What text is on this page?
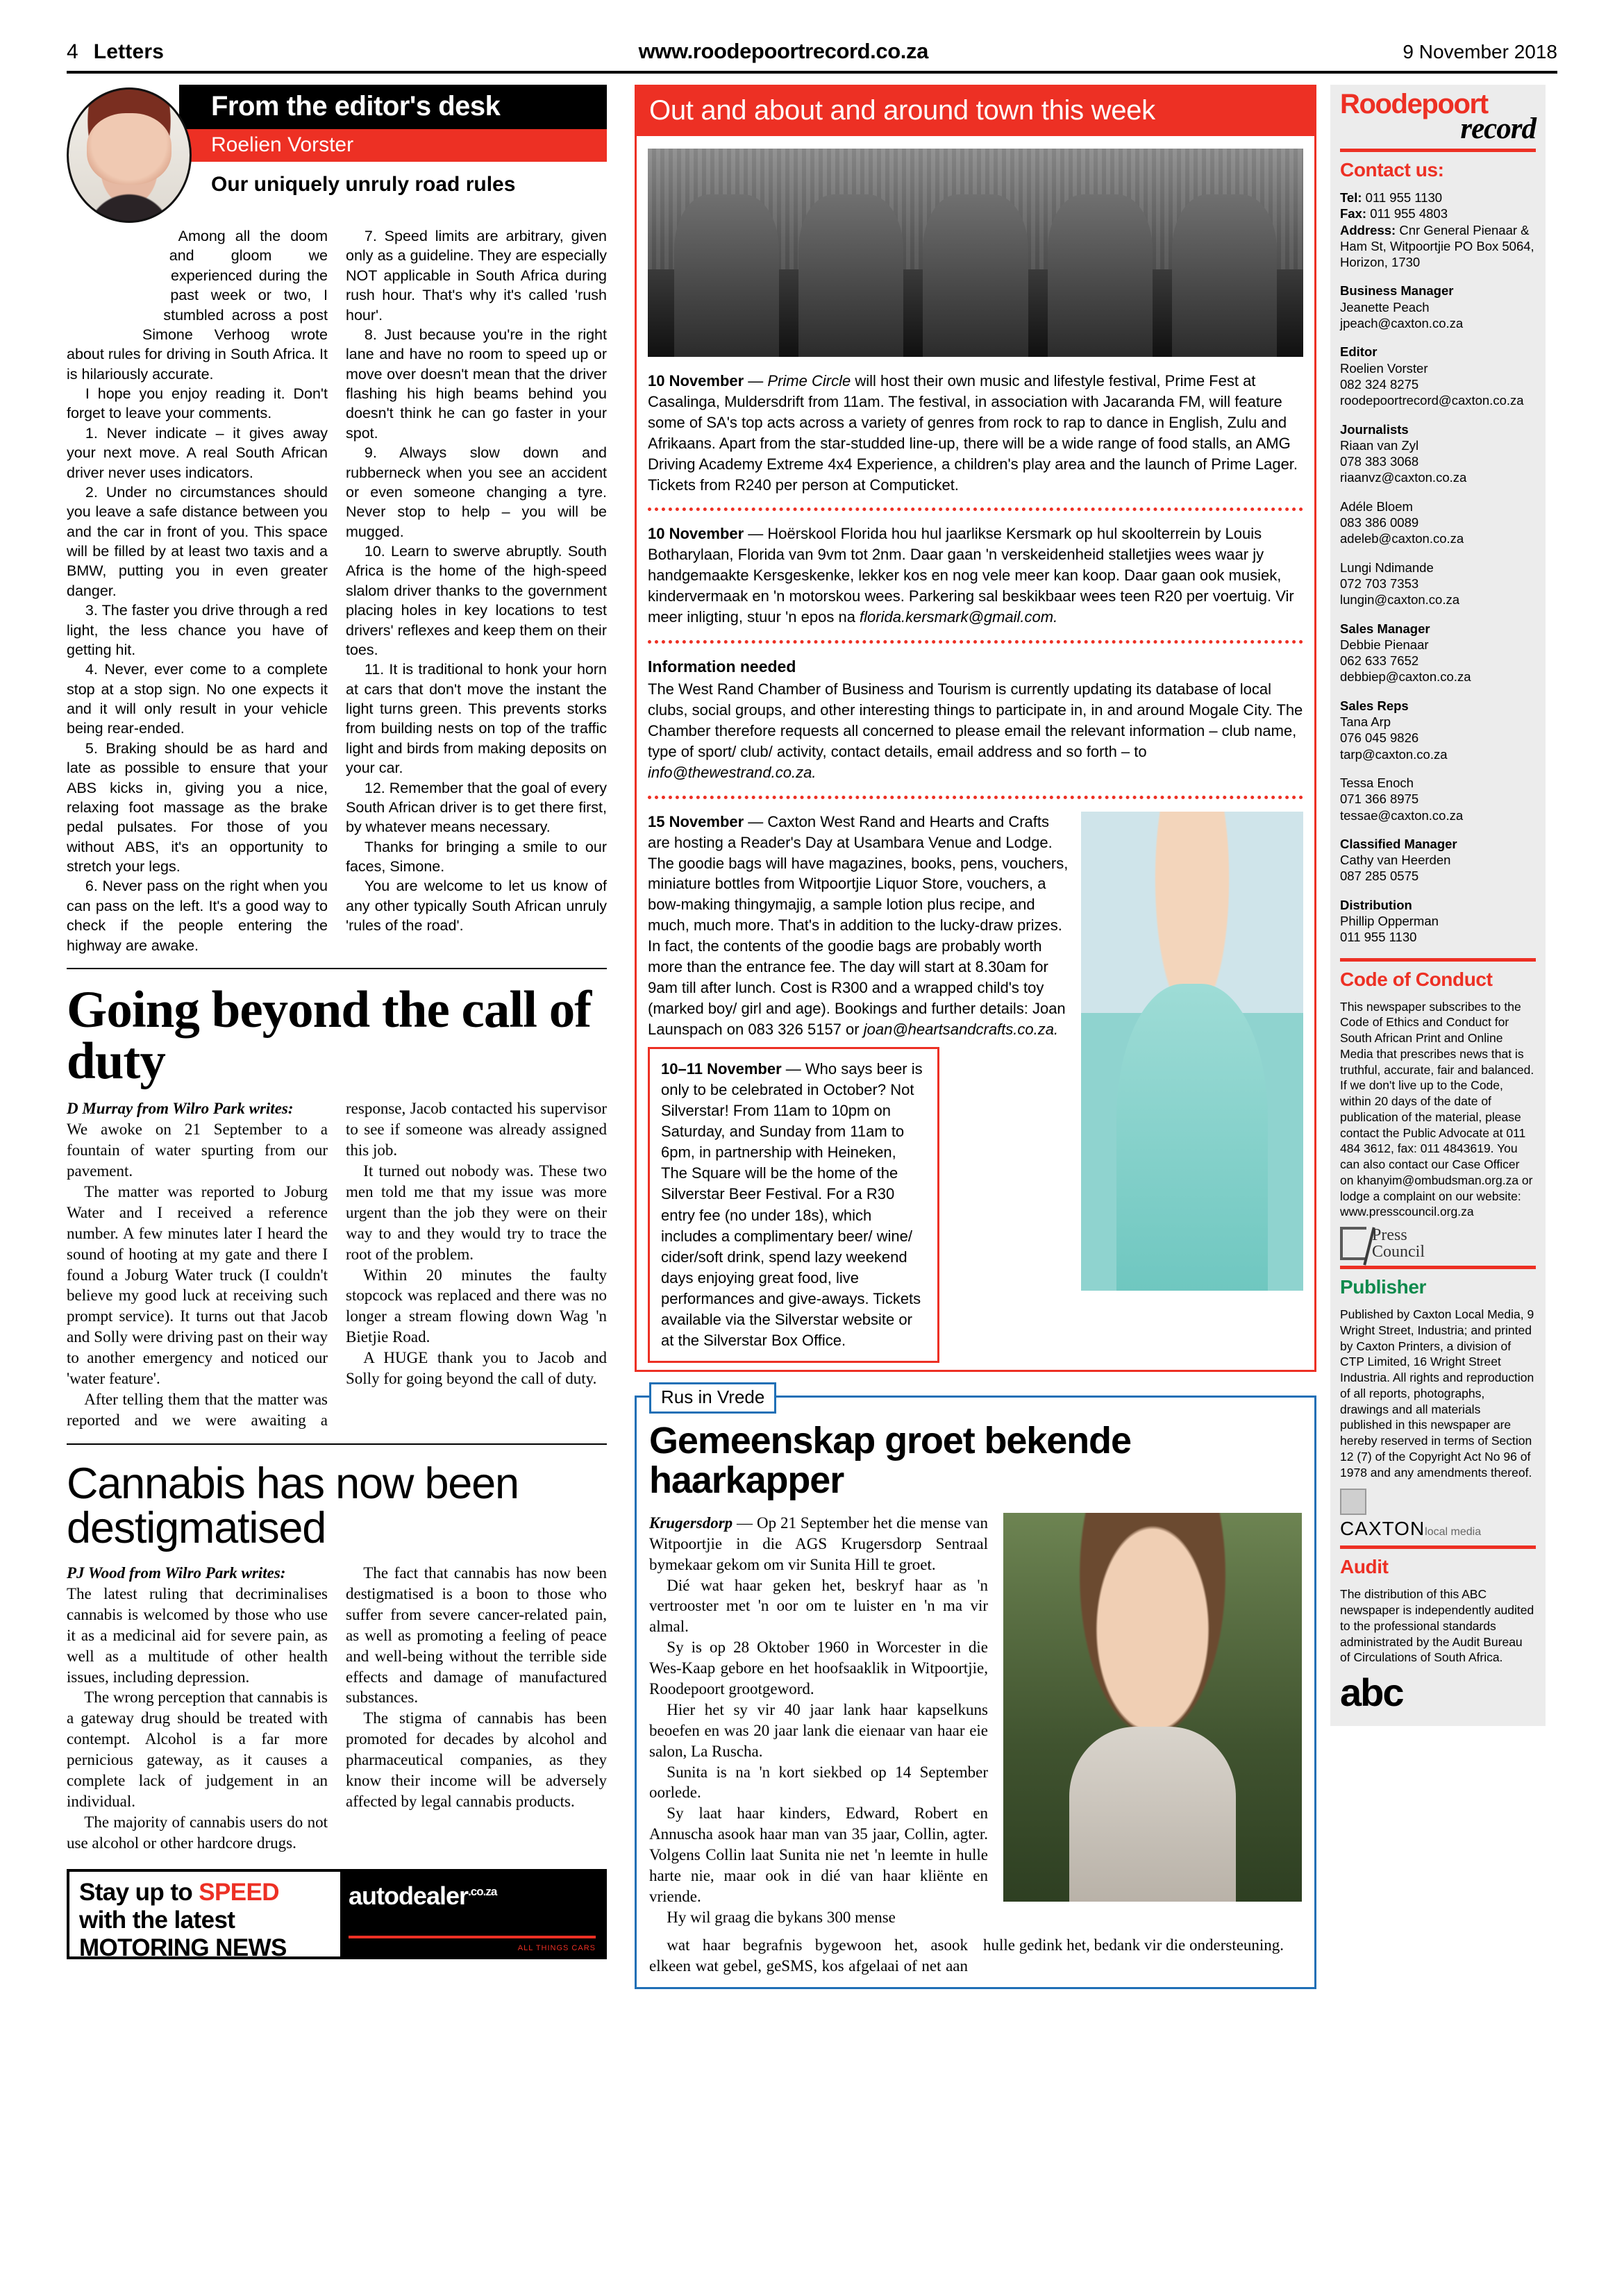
4 Letters	www.roodepoortrecord.co.za	9 November 2018
From the editor's desk
Roelien Vorster
Our uniquely unruly road rules

Among all the doom and gloom we experienced during the past week or two, I stumbled across a post Simone Verhoog wrote about rules for driving in South Africa. It is hilariously accurate.

I hope you enjoy reading it. Don't forget to leave your comments.

1. Never indicate – it gives away your next move. A real South African driver never uses indicators.

2. Under no circumstances should you leave a safe distance between you and the car in front of you. This space will be filled by at least two taxis and a BMW, putting you in even greater danger.

3. The faster you drive through a red light, the less chance you have of getting hit.

4. Never, ever come to a complete stop at a stop sign. No one expects it and it will only result in your vehicle being rear-ended.

5. Braking should be as hard and late as possible to ensure that your ABS kicks in, giving you a nice, relaxing foot massage as the brake pedal pulsates. For those of you without ABS, it's an opportunity to stretch your legs.

6. Never pass on the right when you can pass on the left. It's a good way to check if the people entering the highway are awake.

7. Speed limits are arbitrary, given only as a guideline. They are especially NOT applicable in South Africa during rush hour. That's why it's called 'rush hour'.

8. Just because you're in the right lane and have no room to speed up or move over doesn't mean that the driver flashing his high beams behind you doesn't think he can go faster in your spot.

9. Always slow down and rubberneck when you see an accident or even someone changing a tyre. Never stop to help – you will be mugged.

10. Learn to swerve abruptly. South Africa is the home of the high-speed slalom driver thanks to the government placing holes in key locations to test drivers' reflexes and keep them on their toes.

11. It is traditional to honk your horn at cars that don't move the instant the light turns green. This prevents storks from building nests on top of the traffic light and birds from making deposits on your car.

12. Remember that the goal of every South African driver is to get there first, by whatever means necessary.

Thanks for bringing a smile to our faces, Simone.

You are welcome to let us know of any other typically South African unruly 'rules of the road'.

Going beyond the call of duty

D Murray from Wilro Park writes:

We awoke on 21 September to a fountain of water spurting from our pavement.

The matter was reported to Joburg Water and I received a reference number. A few minutes later I heard the sound of hooting at my gate and there I found a Joburg Water truck (I couldn't believe my good luck at receiving such prompt service). It turns out that Jacob and Solly were driving past on their way to another emergency and noticed our 'water feature'.

After telling them that the matter was reported and we were awaiting a response, Jacob contacted his supervisor to see if someone was already assigned this job.

It turned out nobody was. These two men told me that my issue was more urgent than the job they were on their way to and they would try to trace the root of the problem.

Within 20 minutes the faulty stopcock was replaced and there was no longer a stream flowing down Wag 'n Bietjie Road.

A HUGE thank you to Jacob and Solly for going beyond the call of duty.

Cannabis has now been destigmatised

PJ Wood from Wilro Park writes:

The latest ruling that decriminalises cannabis is welcomed by those who use it as a medicinal aid for severe pain, as well as a multitude of other health issues, including depression.

The wrong perception that cannabis is a gateway drug should be treated with contempt. Alcohol is a far more pernicious gateway, as it causes a complete lack of judgement in an individual.

The majority of cannabis users do not use alcohol or other hardcore drugs.

The fact that cannabis has now been destigmatised is a boon to those who suffer from severe cancer-related pain, as well as promoting a feeling of peace and well-being without the terrible side effects and damage of manufactured substances.

The stigma of cannabis has been promoted for decades by alcohol and pharmaceutical companies, as they know their income will be adversely affected by legal cannabis products.

Stay up to SPEED with the latest
MOTORING NEWS
autodealer$^{.co.za}$
ALL THINGS CARS
Out and about and around town this week

10 November — Prime Circle will host their own music and lifestyle festival, Prime Fest at Casalinga, Muldersdrift from 11am. The festival, in association with Jacaranda FM, will feature some of SA's top acts across a variety of genres from rock to rap to dance in English, Zulu and Afrikaans. Apart from the star-studded line-up, there will be a wide range of food stalls, an AMG Driving Academy Extreme 4x4 Experience, a children's play area and the launch of Prime Lager. Tickets from R240 per person at Computicket.

10 November — Hoërskool Florida hou hul jaarlikse Kersmark op hul skoolterrein by Louis Botharylaan, Florida van 9vm tot 2nm. Daar gaan 'n verskeidenheid stalletjies wees waar jy handgemaakte Kersgeskenke, lekker kos en nog vele meer kan koop. Daar gaan ook musiek, kindervermaak en 'n motorskou wees. Parkering sal beskikbaar wees teen R20 per voertuig. Vir meer inligting, stuur 'n epos na florida.kersmark@gmail.com.

Information needed

The West Rand Chamber of Business and Tourism is currently updating its database of local clubs, social groups, and other interesting things to participate in, in and around Mogale City. The Chamber therefore requests all concerned to please email the relevant information – club name, type of sport/ club/ activity, contact details, email address and so forth – to info@thewestrand.co.za.

15 November — Caxton West Rand and Hearts and Crafts are hosting a Reader's Day at Usambara Venue and Lodge. The goodie bags will have magazines, books, pens, vouchers, miniature bottles from Witpoortjie Liquor Store, vouchers, a bow-making thingymajig, a sample lotion plus recipe, and much, much more. That's in addition to the lucky-draw prizes. In fact, the contents of the goodie bags are probably worth more than the entrance fee. The day will start at 8.30am for 9am till after lunch. Cost is R300 and a wrapped child's toy (marked boy/ girl and age). Bookings and further details: Joan Launspach on 083 326 5157 or joan@heartsandcrafts.co.za.

10–11 November — Who says beer is only to be celebrated in October? Not Silverstar! From 11am to 10pm on Saturday, and Sunday from 11am to 6pm, in partnership with Heineken, The Square will be the home of the Silverstar Beer Festival. For a R30 entry fee (no under 18s), which includes a complimentary beer/ wine/ cider/soft drink, spend lazy weekend days enjoying great food, live performances and give-aways. Tickets available via the Silverstar website or at the Silverstar Box Office.

Rus in Vrede
Gemeenskap groet bekende haarkapper

Krugersdorp — Op 21 September het die mense van Witpoortjie in die AGS Krugersdorp Sentraal bymekaar gekom om vir Sunita Hill te groet.

Dié wat haar geken het, beskryf haar as 'n vertrooster met 'n oor om te luister en 'n ma vir almal.

Sy is op 28 Oktober 1960 in Worcester in die Wes-Kaap gebore en het hoofsaaklik in Witpoortjie, Roodepoort grootgeword.

Hier het sy vir 40 jaar lank haar kapselkuns beoefen en was 20 jaar lank die eienaar van haar eie salon, La Ruscha.

Sunita is na 'n kort siekbed op 14 September oorlede.

Sy laat haar kinders, Edward, Robert en Annuscha asook haar man van 35 jaar, Collin, agter. Volgens Collin laat Sunita nie net 'n leemte in hulle harte nie, maar ook in dié van haar kliënte en vriende.

Hy wil graag die bykans 300 mense

wat haar begrafnis bygewoon het, asook elkeen wat gebel, geSMS, kos afgelaai of net aan hulle gedink het, bedank vir die ondersteuning.

Roodepoort
record
Contact us:
Tel: 011 955 1130
Fax: 011 955 4803
Address: Cnr General Pienaar & Ham St, Witpoortjie PO Box 5064, Horizon, 1730
Business Manager
Jeanette Peach
jpeach@caxton.co.za
Editor
Roelien Vorster
082 324 8275
roodepoortrecord@caxton.co.za
Journalists
Riaan van Zyl
078 383 3068
riaanvz@caxton.co.za
Adéle Bloem
083 386 0089
adeleb@caxton.co.za
Lungi Ndimande
072 703 7353
lungin@caxton.co.za
Sales Manager
Debbie Pienaar
062 633 7652
debbiep@caxton.co.za
Sales Reps
Tana Arp
076 045 9826
tarp@caxton.co.za
Tessa Enoch
071 366 8975
tessae@caxton.co.za
Classified Manager
Cathy van Heerden
087 285 0575
Distribution
Phillip Opperman
011 955 1130
Code of Conduct
This newspaper subscribes to the Code of Ethics and Conduct for South African Print and Online Media that prescribes news that is truthful, accurate, fair and balanced. If we don't live up to the Code, within 20 days of the date of publication of the material, please contact the Public Advocate at 011 484 3612, fax: 011 4843619. You can also contact our Case Officer on khanyim@ombudsman.org.za or lodge a complaint on our website: www.presscouncil.org.za
Press
Council
Publisher
Published by Caxton Local Media, 9 Wright Street, Industria; and printed by Caxton Printers, a division of CTP Limited, 16 Wright Street Industria. All rights and reproduction of all reports, photographs, drawings and all materials published in this newspaper are hereby reserved in terms of Section 12 (7) of the Copyright Act No 96 of 1978 and any amendments thereof.
CAXTONlocal media
Audit
The distribution of this ABC newspaper is independently audited to the professional standards administrated by the Audit Bureau of Circulations of South Africa.
abc
